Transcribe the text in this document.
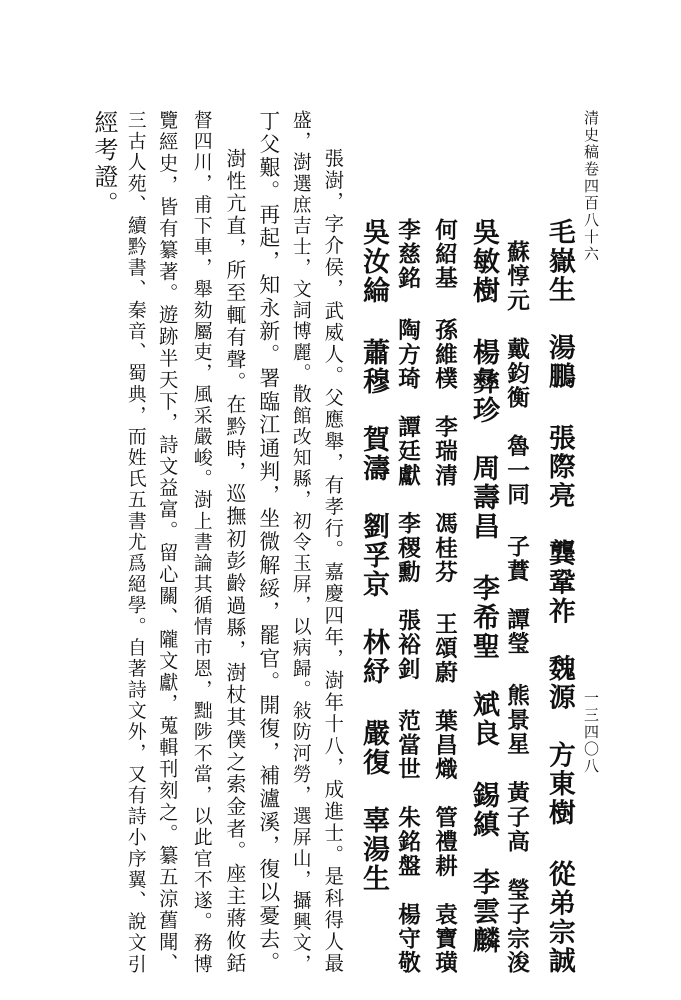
清史稿卷四百八十六
一三四〇八
毛嶽生　湯鵬 張際亮　龔鞏祚　魏源　方東樹 從弟宗誠
蘇惇元　戴鈞衡　魯一同 子蕡　譚瑩 熊景星　黃子高　瑩子宗浚
吳敏樹 楊彝珍　周壽昌 李希聖　斌良 錫縝　李雲麟
何紹基 孫維樸　李瑞清　馮桂芬 王頌蔚　葉昌熾　管禮耕　袁寶璜
李慈銘 陶方琦　譚廷獻　李稷勳　張裕釗 范當世　朱銘盤　楊守敬
吳汝綸 蕭穆　賀濤　劉孚京　林紓 嚴復　辜湯生
張澍，字介侯，武威人。父應舉，有孝行。嘉慶四年，澍年十八，成進士。是科得人最
盛，澍選庶吉士，文詞博麗。散館改知縣，初令玉屏，以病歸。敍防河勞，選屏山，攝興文，
丁父艱。再起，知永新。署臨江通判，坐微解綏，罷官。開復，補瀘溪，復以憂去。
澍性亢直，所至輒有聲。在黔時，巡撫初彭齡過縣，澍杖其僕之索金者。座主蔣攸銛
督四川，甫下車，舉劾屬吏，風采嚴峻。澍上書論其循情市恩，黜陟不當，以此官不遂。務博
覽經史，皆有纂著。遊跡半天下，詩文益富。留心關、隴文獻，蒐輯刊刻之。纂五涼舊聞、
三古人苑、續黔書、秦音、蜀典，而姓氏五書尤爲絕學。自著詩文外，又有詩小序翼、說文引
經考證。
